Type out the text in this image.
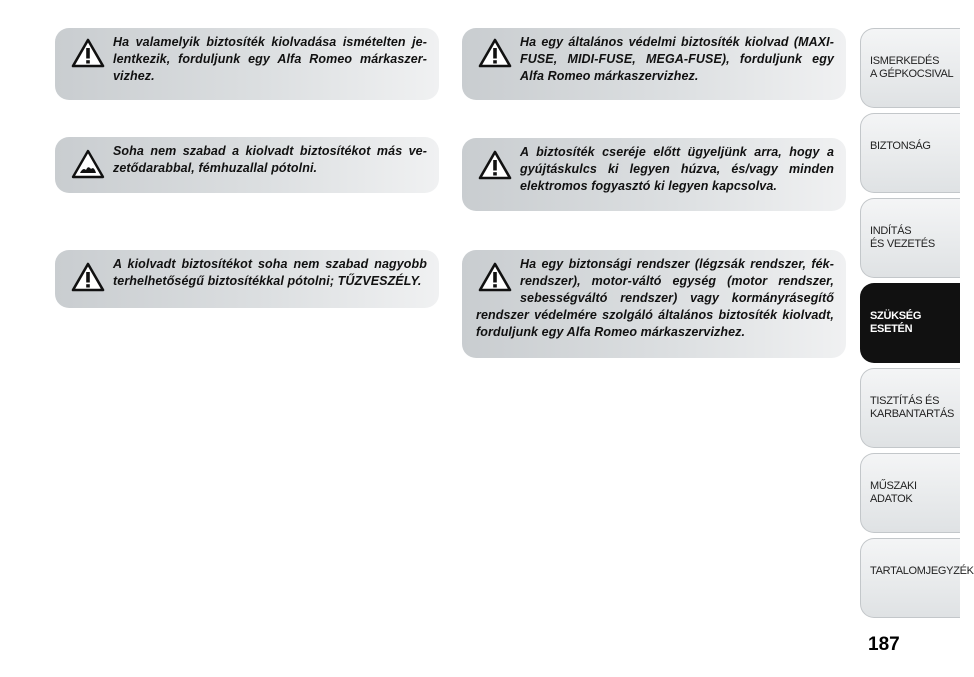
Ha valamelyik biztosíték kiolvadása ismételten je-lentkezik, forduljunk egy Alfa Romeo márkaszer-vizhez.
Soha nem szabad a kiolvadt biztosítékot más ve-zetődarabbal, fémhuzallal pótolni.
A kiolvadt biztosítékot soha nem szabad nagyobb terhelhetőségű biztosítékkal pótolni; TŰZVESZÉLY.
Ha egy általános védelmi biztosíték kiolvad (MAXI-FUSE, MIDI-FUSE, MEGA-FUSE), forduljunk egy Alfa Romeo márkaszervizhez.
A biztosíték cseréje előtt ügyeljünk arra, hogy a gyújtáskulcs ki legyen húzva, és/vagy minden elektromos fogyasztó ki legyen kapcsolva.
Ha egy biztonsági rendszer (légzsák rendszer, fék-rendszer), motor-váltó egység (motor rendszer, sebességváltó rendszer) vagy kormányrásegítő rendszer védelmére szolgáló általános biztosíték kiolvadt, forduljunk egy Alfa Romeo márkaszervizhez.
ISMERKEDÉS
A GÉPKOCSIVAL
BIZTONSÁG
INDÍTÁS
ÉS VEZETÉS
SZÜKSÉG
ESETÉN
TISZTÍTÁS ÉS
KARBANTARTÁS
MŰSZAKI
ADATOK
TARTALOMJEGYZÉK
187
